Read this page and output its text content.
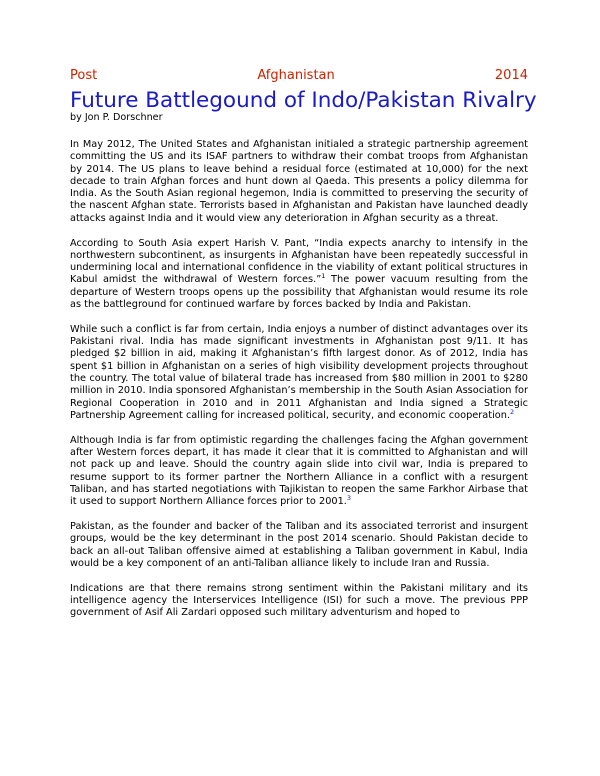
Post	Afghanistan	2014
Future Battlegound of Indo/Pakistan Rivalry
by Jon P. Dorschner

In May 2012, The United States and Afghanistan initialed a strategic partnership agreement committing the US and its ISAF partners to withdraw their combat troops from Afghanistan by 2014. The US plans to leave behind a residual force (estimated at 10,000) for the next decade to train Afghan forces and hunt down al Qaeda. This presents a policy dilemma for India. As the South Asian regional hegemon, India is committed to preserving the security of the nascent Afghan state. Terrorists based in Afghanistan and Pakistan have launched deadly attacks against India and it would view any deterioration in Afghan security as a threat.

According to South Asia expert Harish V. Pant, “India expects anarchy to intensify in the northwestern subcontinent, as insurgents in Afghanistan have been repeatedly successful in undermining local and international confidence in the viability of extant political structures in Kabul amidst the withdrawal of Western forces.”$^1$ The power vacuum resulting from the departure of Western troops opens up the possibility that Afghanistan would resume its role as the battleground for continued warfare by forces backed by India and Pakistan.

While such a conflict is far from certain, India enjoys a number of distinct advantages over its Pakistani rival. India has made significant investments in Afghanistan post 9/11. It has pledged $2 billion in aid, making it Afghanistan’s fifth largest donor. As of 2012, India has spent $1 billion in Afghanistan on a series of high visibility development projects throughout the country. The total value of bilateral trade has increased from $80 million in 2001 to $280 million in 2010. India sponsored Afghanistan’s membership in the South Asian Association for Regional Cooperation in 2010 and in 2011 Afghanistan and India signed a Strategic Partnership Agreement calling for increased political, security, and economic cooperation.$^2$

Although India is far from optimistic regarding the challenges facing the Afghan government after Western forces depart, it has made it clear that it is committed to Afghanistan and will not pack up and leave. Should the country again slide into civil war, India is prepared to resume support to its former partner the Northern Alliance in a conflict with a resurgent Taliban, and has started negotiations with Tajikistan to reopen the same Farkhor Airbase that it used to support Northern Alliance forces prior to 2001.$^3$

Pakistan, as the founder and backer of the Taliban and its associated terrorist and insurgent groups, would be the key determinant in the post 2014 scenario. Should Pakistan decide to back an all-out Taliban offensive aimed at establishing a Taliban government in Kabul, India would be a key component of an anti-Taliban alliance likely to include Iran and Russia.

Indications are that there remains strong sentiment within the Pakistani military and its intelligence agency the Interservices Intelligence (ISI) for such a move. The previous PPP government of Asif Ali Zardari opposed such military adventurism and hoped to
